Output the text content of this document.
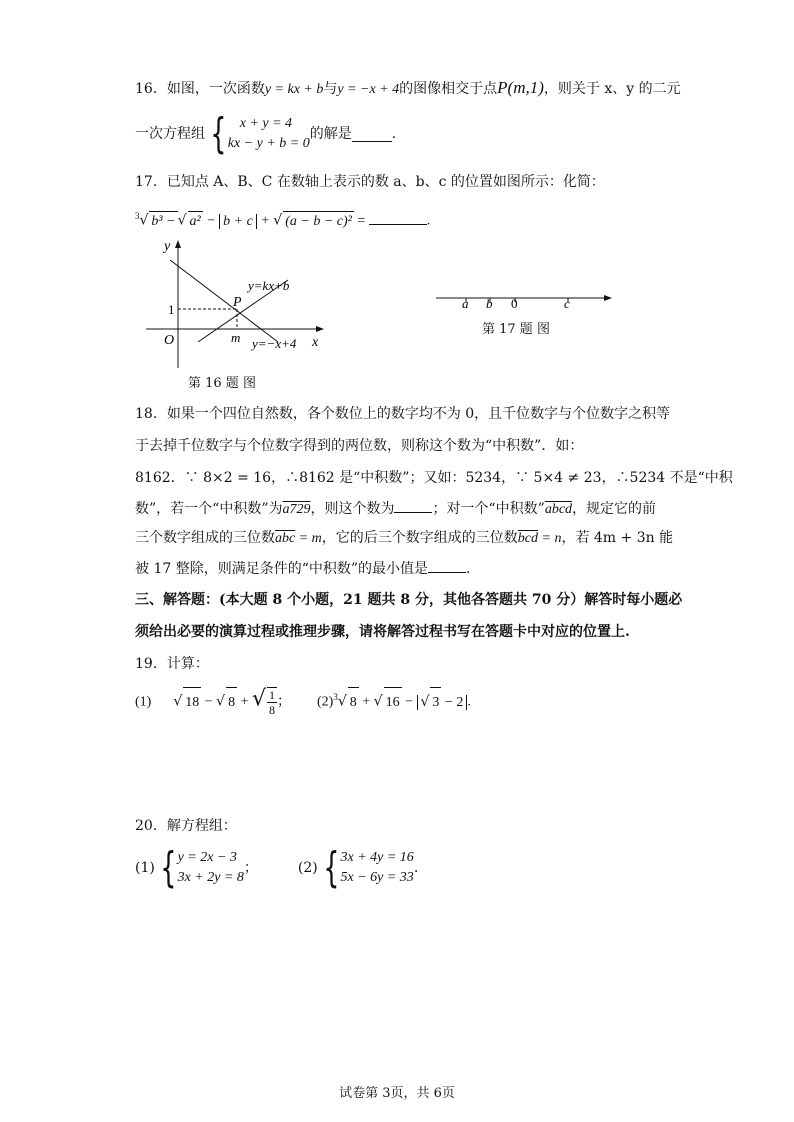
16．如图，一次函数y = kx + b与y = −x + 4的图像相交于点P(m,1)，则关于 x、y 的二元
一次方程组 { x + y = 4
kx − y + b = 0
的解是	.
17．已知点 A、B、C 在数轴上表示的数 a、b、c 的位置如图所示：化简：
$^3$√ b³ −√ a² − b + c + √ (a − b − c)² =	.
y
x
O
1	P
m
y=kx+b
y=−x+4
第 16 题 图
a b 0	c
第 17 题 图
18．如果一个四位自然数，各个数位上的数字均不为 0，且千位数字与个位数字之积等
于去掉千位数字与个位数字得到的两位数，则称这个数为“中积数”．如：
8162．∵ 8×2 = 16，∴8162 是“中积数”；又如：5234，∵ 5×4 ≠ 23，∴5234 不是“中积
数”，若一个“中积数”为a729，则这个数为	；对一个“中积数”abcd，规定它的前
三个数字组成的三位数$\overline{abc} = m$，它的后三个数字组成的三位数$\overline{bcd} = n$，若 4m + 3n 能
被 17 整除，则满足条件的“中积数”的最小值是	.
三、解答题：(本大题 8 个小题，21 题共 8 分，其他各答题共 70 分）解答时每小题必
须给出必要的演算过程或推理步骤，请将解答过程书写在答题卡中对应的位置上.
19．计算：
(1) √ 18 − √ 8 + √ $\frac{1}{8}$ ； $(2)^3√$ 8 + √ 16 − √ 3 − 2 .
20．解方程组：
(1) { y = 2x − 3
3x + 2y = 8
；	(2) { 3x + 4y = 16
5x − 6y = 33
.
试卷第 3页，共 6页
